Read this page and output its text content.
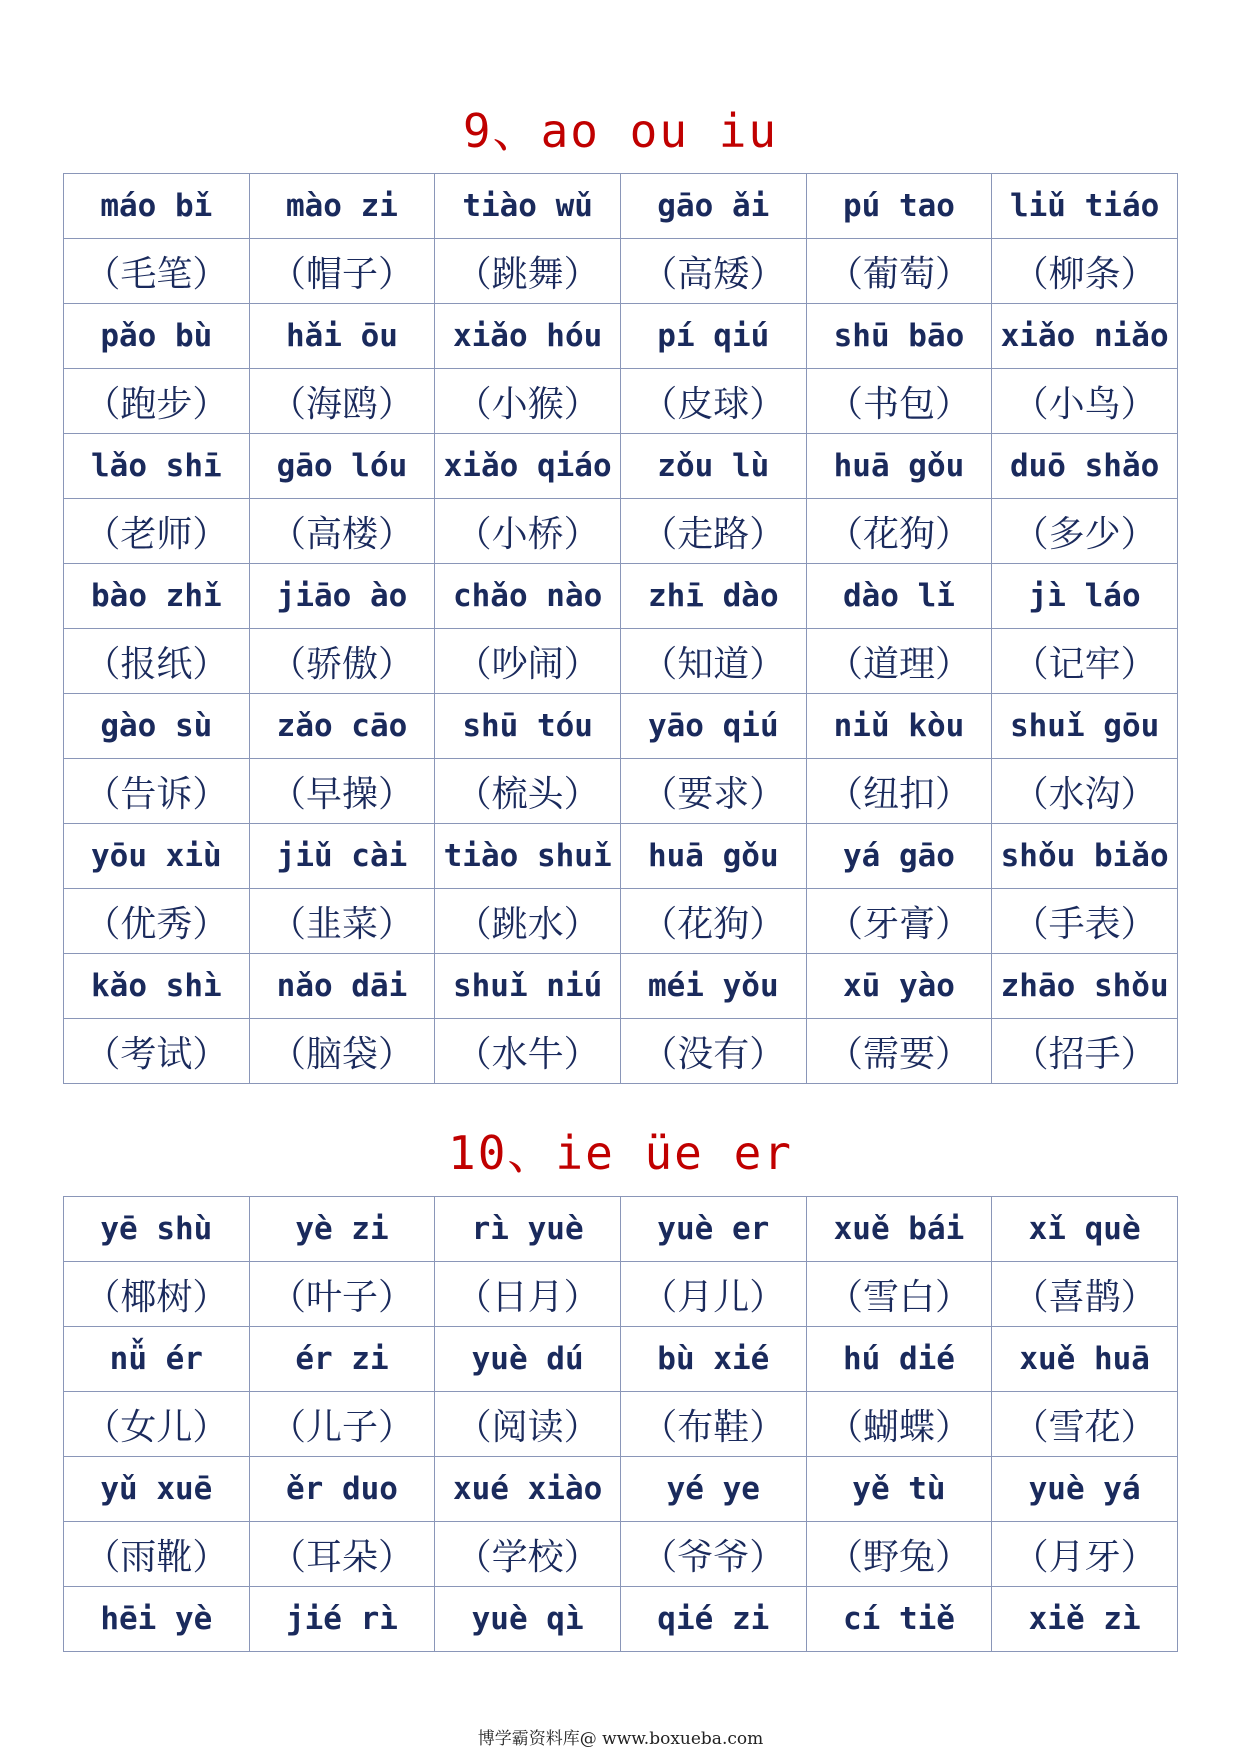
9、ao ou iu
máo bǐ	mào zi	tiào wǔ	gāo ǎi	pú tao	liǔ tiáo
（毛笔）	（帽子）	（跳舞）	（高矮）	（葡萄）	（柳条）
pǎo bù	hǎi ōu	xiǎo hóu	pí qiú	shū bāo	xiǎo niǎo
（跑步）	（海鸥）	（小猴）	（皮球）	（书包）	（小鸟）
lǎo shī	gāo lóu	xiǎo qiáo	zǒu lù	huā gǒu	duō shǎo
（老师）	（高楼）	（小桥）	（走路）	（花狗）	（多少）
bào zhǐ	jiāo ào	chǎo nào	zhī dào	dào lǐ	jì láo
（报纸）	（骄傲）	（吵闹）	（知道）	（道理）	（记牢）
gào sù	zǎo cāo	shū tóu	yāo qiú	niǔ kòu	shuǐ gōu
（告诉）	（早操）	（梳头）	（要求）	（纽扣）	（水沟）
yōu xiù	jiǔ cài	tiào shuǐ	huā gǒu	yá gāo	shǒu biǎo
（优秀）	（韭菜）	（跳水）	（花狗）	（牙膏）	（手表）
kǎo shì	nǎo dāi	shuǐ niú	méi yǒu	xū yào	zhāo shǒu
（考试）	（脑袋）	（水牛）	（没有）	（需要）	（招手）
10、ie üe er
yē shù	yè zi	rì yuè	yuè er	xuě bái	xǐ què
（椰树）	（叶子）	（日月）	（月儿）	（雪白）	（喜鹊）
nǚ ér	ér zi	yuè dú	bù xié	hú dié	xuě huā
（女儿）	（儿子）	（阅读）	（布鞋）	（蝴蝶）	（雪花）
yǔ xuē	ěr duo	xué xiào	yé ye	yě tù	yuè yá
（雨靴）	（耳朵）	（学校）	（爷爷）	（野兔）	（月牙）
hēi yè	jié rì	yuè qì	qié zi	cí tiě	xiě zì
博学霸资料库@ www.boxueba.com
